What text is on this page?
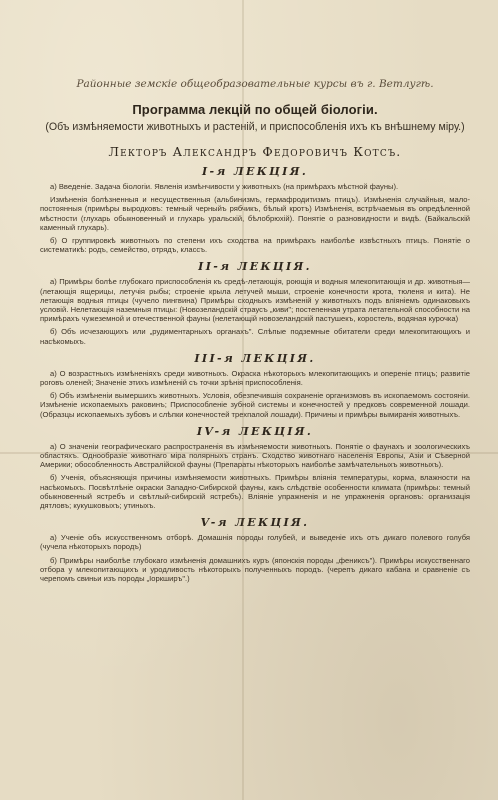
Районные земскiе общеобразовательные курсы въ г. Ветлугѣ.

Программа лекцiй по общей бiологiи.

(Объ измѣняемости животныхъ и растенiй, и приспособленiя ихъ къ внѣшнему мiру.)

Лекторъ Александръ Федоровичъ Котсъ.

I-я ЛЕКЦIЯ.

а) Введенiе. Задача бiологiи. Явленiя измѣнчивости у животныхъ (на примѣрахъ мѣстной фауны).

Измѣненiя болѣзненныя и несущественныя (альбинизмъ, гермафродитизмъ птицъ). Измѣненiя случайныя, мало-постоянныя (примѣры выродковъ: темный черныйъ рябчикъ, бѣлый кротъ) Измѣненiя, встрѣчаемыя въ опредѣленной мѣстности (глухарь обыкновенный и глухарь уральскiй, бѣлобрюхiй). Понятiе о разновидности и видѣ. (Байкальскiй каменный глухарь).

б) О группировкѣ животныхъ по степени ихъ сходства на примѣрахъ наиболѣе извѣстныхъ птицъ. Понятiе о систематикѣ: родъ, семейство, отрядъ, классъ.

II-я ЛЕКЦIЯ.

а) Примѣры болѣе глубокаго приспособленiя къ средѣ-летающiя, роющiя и водныя млекопитающiя и др. животныя—(летающiя ящерицы, летучiя рыбы; строенiе крыла летучей мыши, строенiе конечности крота, тюленя и кита). Не летающiя водныя птицы (чучело пингвина) Примѣры сходныхъ измѣненiй у животныхъ подъ влiянiемъ одинаковыхъ условiй. Нелетающiя наземныя птицы: (Новозеландскiй страусъ „киви"; постепенная утрата летательной способности на примѣрахъ чужеземной и отечественной фауны (нелетающiй новозеландскiй пастушекъ, коростель, водяная курочка)

б) Объ исчезающихъ или „рудиментарныхъ органахъ". Слѣпые подземные обитатели среди млекопитающихъ и насѣкомыхъ.

III-я ЛЕКЦIЯ.

а) О возрастныхъ измѣненiяхъ среди животныхъ. Окраска нѣкоторыхъ млекопитающихъ и оперенiе птицъ; развитiе роговъ оленей; Значенiе этихъ измѣненiй съ точки зрѣнiя приспособленiя.

б) Объ измѣненiи вымершихъ животныхъ. Условiя, обезпечившiя сохраненiе организмовъ въ ископаемомъ состоянiи. Измѣненiе ископаемыхъ раковинъ; Приспособленiе зубной системы и конечностей у предковъ современной лошади. (Образцы ископаемыхъ зубовъ и слѣпки конечностей трехпалой лошади). Причины и примѣры вымиранiя животныхъ.

IV-я ЛЕКЦIЯ.

а) О значенiи географическаго распространенiя въ измѣняемости животныхъ. Понятiе о фаунахъ и зоологическихъ областяхъ. Однообразiе животнаго мiра полярныхъ странъ. Сходство животнаго населенiя Европы, Азiи и Сѣверной Америки; обособленность Австралiйской фауны (Препараты нѣкоторыхъ наиболѣе замѣчательныхъ животныхъ).

б) Ученiя, объясняющiя причины измѣняемости животныхъ. Примѣры влiянiя температуры, корма, влажности на насѣкомыхъ. Посвѣтлѣнiе окраски Западно-Сибирской фауны, какъ слѣдствiе особенности климата (примѣры: темный обыкновенный ястребъ и свѣтлый-сибирскiй ястребъ). Влiянiе упражненiя и не упражненiя органовъ: организацiя дятловъ; кукушковыхъ; утиныхъ.

V-я ЛЕКЦIЯ.

а) Ученiе объ искусственномъ отборѣ. Домашнiя породы голубей, и выведенiе ихъ отъ дикаго полевого голубя (чучела нѣкоторыхъ породъ)

б) Примѣры наиболѣе глубокаго измѣненiя домашнихъ куръ (японскiя породы „фениксъ"). Примѣры искусственнаго отбора у млекопитающихъ и уродливость нѣкоторыхъ полученныхъ породъ. (черепъ дикаго кабана и сравненiе съ черепомъ свиньи изъ породы „Іоркширъ".)
